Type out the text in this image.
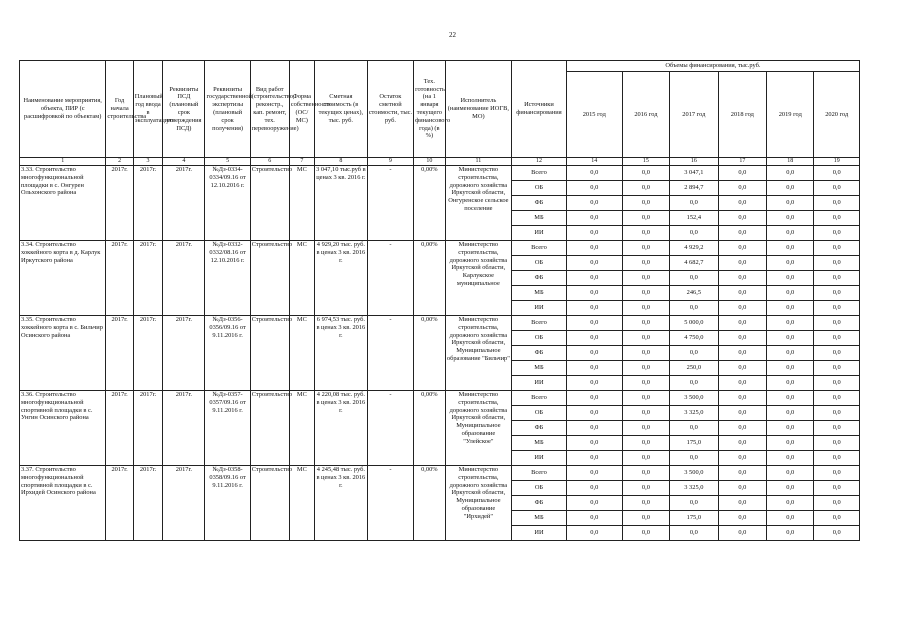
22
Наименование мероприятия, объекта, ПИР (с расшифровкой по объектам)	Год начала строительства	Плановый год ввода в эксплуатацию	Реквизиты ПСД (плановый срок утверждения ПСД)	Реквизиты государственной экспертизы (плановый срок получения)	Вид работ (строительство, реконстр., кап. ремонт, тех. перевооружение)	Форма собственности (ОС/МС)	Сметная стоимость (в текущих ценах), тыс. руб.	Остаток сметной стоимости, тыс. руб.	Тех. готовность (на 1 января текущего финансового года) (в %)	Исполнитель (наименование ИОГВ, МО)	Источники финансирования	Объемы финансирования, тыс.руб.					
												2015 год	2016 год	2017 год	2018 год	2019 год	2020 год
1	2	3	4	5	6	7	8	9	10	11	12	14	15	16	17	18	19
3.33. Строительство многофункциональной площадки в с. Онгурен Ольхонского района	2017г.	2017г.	2017г.	№Дз-0334-0334/09.16 от 12.10.2016 г.	Строительство	МС	3 047,10 тыс.руб в ценах 3 кв. 2016 г.	-	0,00%	Министерство строительства, дорожного хозяйства Иркутской области, Онгуренское сельское поселение	Всего	0,0	0,0	3 047,1	0,0	0,0	0,0
											ОБ	0,0	0,0	2 894,7	0,0	0,0	0,0
											ФБ	0,0	0,0	0,0	0,0	0,0	0,0
											МБ	0,0	0,0	152,4	0,0	0,0	0,0
											ИИ	0,0	0,0	0,0	0,0	0,0	0,0
3.34. Строительство хоккейного корта в д. Карлук Иркутского района	2017г.	2017г.	2017г.	№Дз-0332-0332/08.16 от 12.10.2016 г.	Строительство	МС	4 929,20 тыс. руб. в ценах 3 кв. 2016 г.	-	0,00%	Министерство строительства, дорожного хозяйства Иркутской области, Карлукское муниципальное	Всего	0,0	0,0	4 929,2	0,0	0,0	0,0
											ОБ	0,0	0,0	4 682,7	0,0	0,0	0,0
											ФБ	0,0	0,0	0,0	0,0	0,0	0,0
											МБ	0,0	0,0	246,5	0,0	0,0	0,0
											ИИ	0,0	0,0	0,0	0,0	0,0	0,0
3.35. Строительство хоккейного корта в с. Бильчир Осинского района	2017г.	2017г.	2017г.	№Дз-0356-0356/09.16 от 9.11.2016 г.	Строительство	МС	6 974,53 тыс. руб. в ценах 3 кв. 2016 г.	-	0,00%	Министерство строительства, дорожного хозяйства Иркутской области, Муниципальное образование "Бильчир"	Всего	0,0	0,0	5 000,0	0,0	0,0	0,0
											ОБ	0,0	0,0	4 750,0	0,0	0,0	0,0
											ФБ	0,0	0,0	0,0	0,0	0,0	0,0
											МБ	0,0	0,0	250,0	0,0	0,0	0,0
											ИИ	0,0	0,0	0,0	0,0	0,0	0,0
3.36. Строительство многофункциональной спортивной площадки в с. Унгин Осинского района	2017г.	2017г.	2017г.	№Дз-0357-0357/09.16 от 9.11.2016 г.	Строительство	МС	4 220,08 тыс. руб. в ценах 3 кв. 2016 г.	-	0,00%	Министерство строительства, дорожного хозяйства Иркутской области, Муниципальное образование "Улейское"	Всего	0,0	0,0	3 500,0	0,0	0,0	0,0
											ОБ	0,0	0,0	3 325,0	0,0	0,0	0,0
											ФБ	0,0	0,0	0,0	0,0	0,0	0,0
											МБ	0,0	0,0	175,0	0,0	0,0	0,0
											ИИ	0,0	0,0	0,0	0,0	0,0	0,0
3.37. Строительство многофункциональной спортивной площадки в с. Ирхидей Осинского района	2017г.	2017г.	2017г.	№Дз-0358-0358/09.16 от 9.11.2016 г.	Строительство	МС	4 245,48 тыс. руб. в ценах 3 кв. 2016 г.	-	0,00%	Министерство строительства, дорожного хозяйства Иркутской области, Муниципальное образование "Ирхидей"	Всего	0,0	0,0	3 500,0	0,0	0,0	0,0
											ОБ	0,0	0,0	3 325,0	0,0	0,0	0,0
											ФБ	0,0	0,0	0,0	0,0	0,0	0,0
											МБ	0,0	0,0	175,0	0,0	0,0	0,0
											ИИ	0,0	0,0	0,0	0,0	0,0	0,0
